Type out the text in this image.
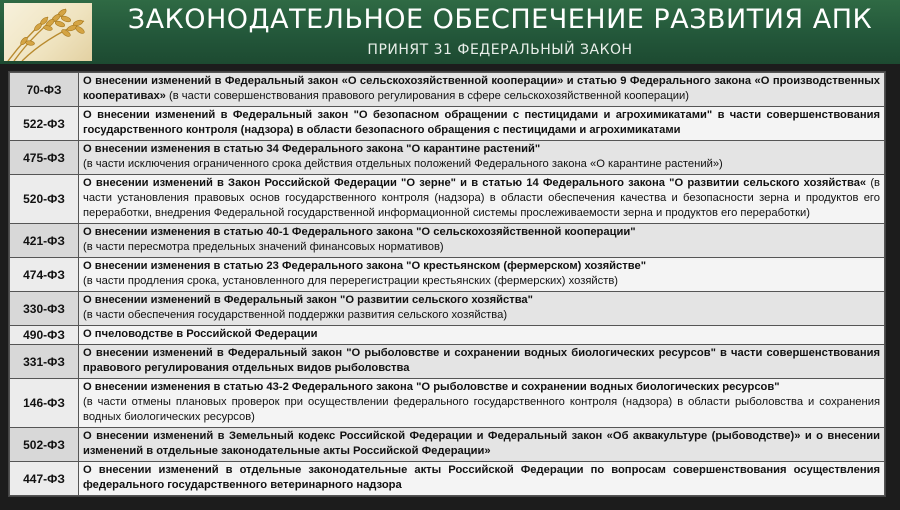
ЗАКОНОДАТЕЛЬНОЕ ОБЕСПЕЧЕНИЕ РАЗВИТИЯ АПК
ПРИНЯТ 31 ФЕДЕРАЛЬНЫЙ ЗАКОН
70-ФЗ	О внесении изменений в Федеральный закон «О сельскохозяйственной кооперации» и статью 9 Федерального закона «О производственных кооперативах» (в части совершенствования правового регулирования в сфере сельскохозяйственной кооперации)
522-ФЗ	О внесении изменений в Федеральный закон "О безопасном обращении с пестицидами и агрохимикатами" в части совершенствования государственного контроля (надзора) в области безопасного обращения с пестицидами и агрохимикатами
475-ФЗ	О внесении изменения в статью 34 Федерального закона "О карантине растений"
(в части исключения ограниченного срока действия отдельных положений Федерального закона «О карантине растений»)
520-ФЗ	О внесении изменений в Закон Российской Федерации "О зерне" и в статью 14 Федерального закона "О развитии сельского хозяйства« (в части установления правовых основ государственного контроля (надзора) в области обеспечения качества и безопасности зерна и продуктов его переработки, внедрения Федеральной государственной информационной системы прослеживаемости зерна и продуктов его переработки)
421-ФЗ	О внесении изменения в статью 40-1 Федерального закона "О сельскохозяйственной кооперации"
(в части пересмотра предельных значений финансовых нормативов)
474-ФЗ	О внесении изменения в статью 23 Федерального закона "О крестьянском (фермерском) хозяйстве"
(в части продления срока, установленного для перерегистрации крестьянских (фермерских) хозяйств)
330-ФЗ	О внесении изменений в Федеральный закон "О развитии сельского хозяйства"
(в части обеспечения государственной поддержки развития сельского хозяйства)
490-ФЗ	О пчеловодстве в Российской Федерации
331-ФЗ	О внесении изменений в Федеральный закон "О рыболовстве и сохранении водных биологических ресурсов" в части совершенствования правового регулирования отдельных видов рыболовства
146-ФЗ	О внесении изменения в статью 43-2 Федерального закона "О рыболовстве и сохранении водных биологических ресурсов"
(в части отмены плановых проверок при осуществлении федерального государственного контроля (надзора) в области рыболовства и сохранения водных биологических ресурсов)
502-ФЗ	О внесении изменений в Земельный кодекс Российской Федерации и Федеральный закон «Об аквакультуре (рыбоводстве)» и о внесении изменений в отдельные законодательные акты Российской Федерации»
447-ФЗ	О внесении изменений в отдельные законодательные акты Российской Федерации по вопросам совершенствования осуществления федерального государственного ветеринарного надзора
